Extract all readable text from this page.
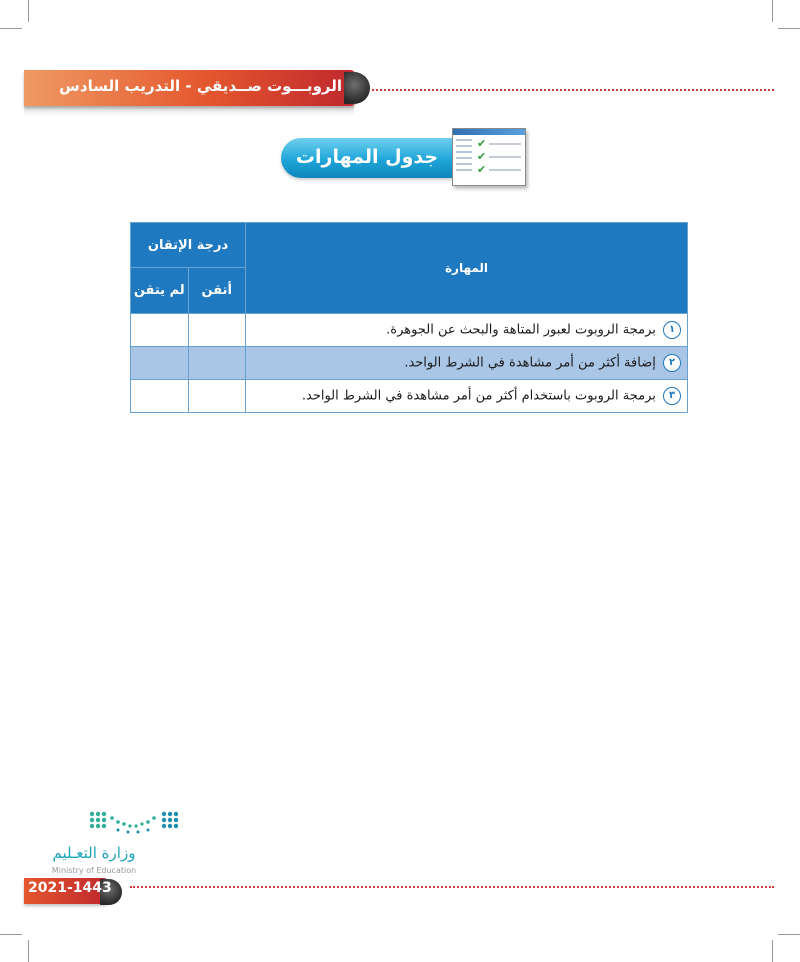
الروبـــوت صــديقي - التدريب السادس
جدول المهارات
✔
✔
✔
المهارة	درجة الإتقان	
	أتقن	لم يتقن
١ برمجة الروبوت لعبور المتاهة والبحث عن الجوهرة.		
٢ إضافة أكثر من أمر مشاهدة في الشرط الواحد.		
٣ برمجة الروبوت باستخدام أكثر من أمر مشاهدة في الشرط الواحد.		
وزارة التعـليم
Ministry of Education
2021-1443
